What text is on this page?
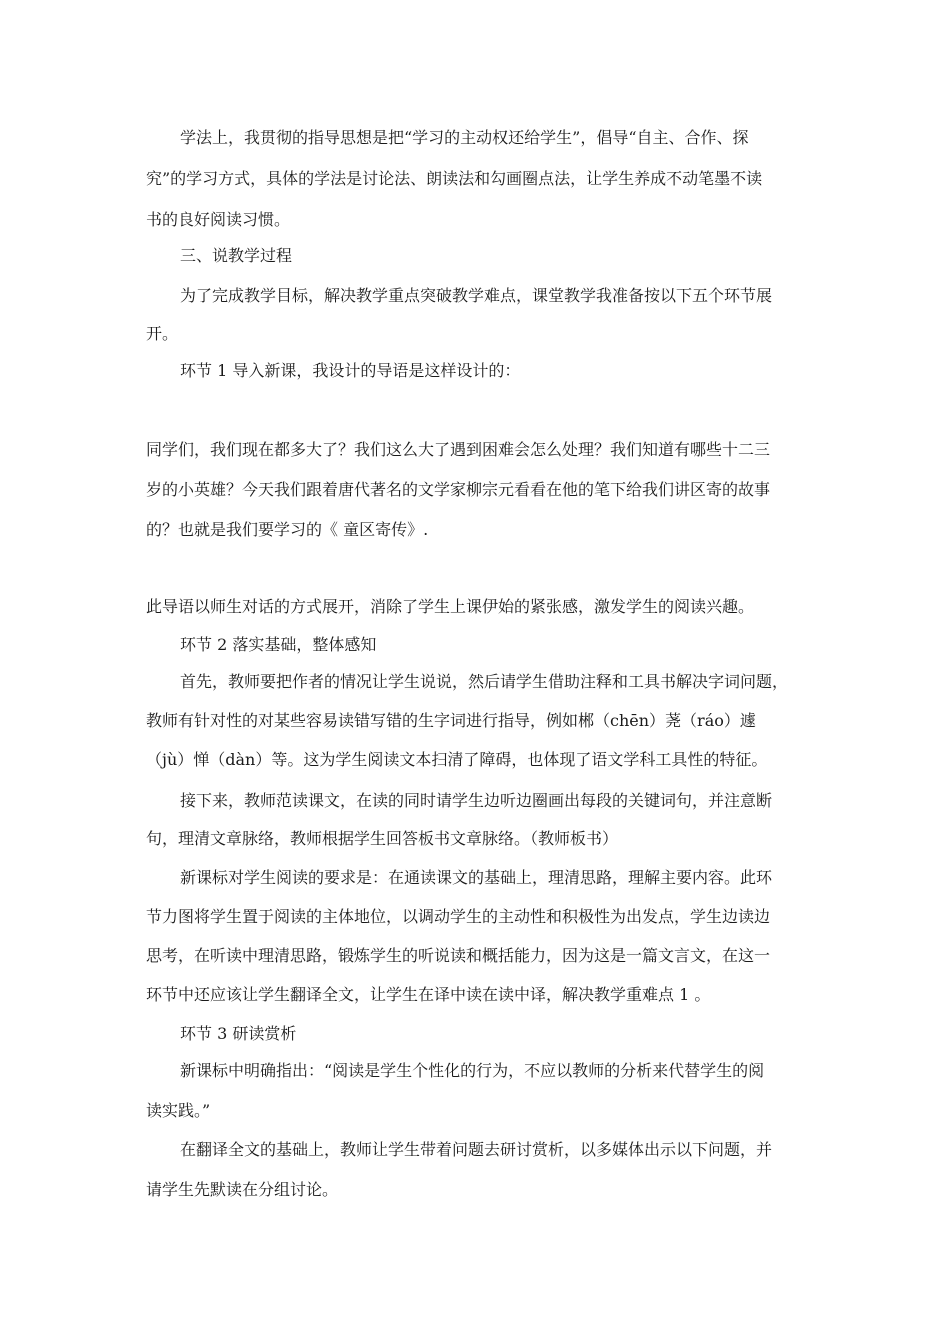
学法上，我贯彻的指导思想是把“学习的主动权还给学生”，倡导“自主、合作、探
究”的学习方式，具体的学法是讨论法、朗读法和勾画圈点法，让学生养成不动笔墨不读
书的良好阅读习惯。
三、说教学过程
为了完成教学目标，解决教学重点突破教学难点，课堂教学我准备按以下五个环节展
开。
环节 1 导入新课，我设计的导语是这样设计的：
同学们，我们现在都多大了？我们这么大了遇到困难会怎么处理？我们知道有哪些十二三
岁的小英雄？今天我们跟着唐代著名的文学家柳宗元看看在他的笔下给我们讲区寄的故事
的？也就是我们要学习的《 童区寄传》.
此导语以师生对话的方式展开，消除了学生上课伊始的紧张感，激发学生的阅读兴趣。
环节 2 落实基础，整体感知
首先，教师要把作者的情况让学生说说，然后请学生借助注释和工具书解决字词问题，
教师有针对性的对某些容易读错写错的生字词进行指导，例如郴（chēn）荛（ráo）遽
（jù）惮（dàn）等。这为学生阅读文本扫清了障碍，也体现了语文学科工具性的特征。
接下来，教师范读课文，在读的同时请学生边听边圈画出每段的关键词句，并注意断
句，理清文章脉络，教师根据学生回答板书文章脉络。（教师板书）
新课标对学生阅读的要求是：在通读课文的基础上，理清思路，理解主要内容。此环
节力图将学生置于阅读的主体地位，以调动学生的主动性和积极性为出发点，学生边读边
思考，在听读中理清思路，锻炼学生的听说读和概括能力，因为这是一篇文言文，在这一
环节中还应该让学生翻译全文，让学生在译中读在读中译，解决教学重难点 1 。
环节 3 研读赏析
新课标中明确指出：“阅读是学生个性化的行为，不应以教师的分析来代替学生的阅
读实践。”
在翻译全文的基础上，教师让学生带着问题去研讨赏析，以多媒体出示以下问题，并
请学生先默读在分组讨论。
